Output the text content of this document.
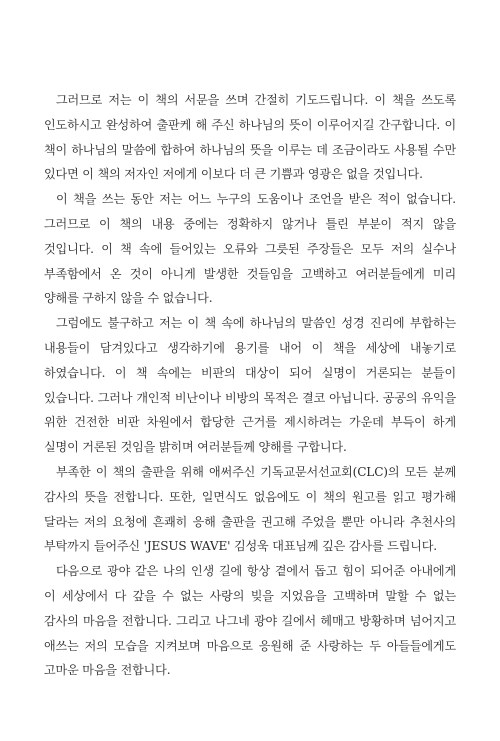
그러므로 저는 이 책의 서문을 쓰며 간절히 기도드립니다. 이 책을 쓰도록 인도하시고 완성하여 출판케 해 주신 하나님의 뜻이 이루어지길 간구합니다. 이 책이 하나님의 말씀에 합하여 하나님의 뜻을 이루는 데 조금이라도 사용될 수만 있다면 이 책의 저자인 저에게 이보다 더 큰 기쁨과 영광은 없을 것입니다.

이 책을 쓰는 동안 저는 어느 누구의 도움이나 조언을 받은 적이 없습니다. 그러므로 이 책의 내용 중에는 정확하지 않거나 틀린 부분이 적지 않을 것입니다. 이 책 속에 들어있는 오류와 그릇된 주장들은 모두 저의 실수나 부족함에서 온 것이 아니게 발생한 것들임을 고백하고 여러분들에게 미리 양해를 구하지 않을 수 없습니다.

그럼에도 불구하고 저는 이 책 속에 하나님의 말씀인 성경 진리에 부합하는 내용들이 담겨있다고 생각하기에 용기를 내어 이 책을 세상에 내놓기로 하였습니다. 이 책 속에는 비판의 대상이 되어 실명이 거론되는 분들이 있습니다. 그러나 개인적 비난이나 비방의 목적은 결코 아닙니다. 공공의 유익을 위한 건전한 비판 차원에서 합당한 근거를 제시하려는 가운데 부득이 하게 실명이 거론된 것임을 밝히며 여러분들께 양해를 구합니다.

부족한 이 책의 출판을 위해 애써주신 기독교문서선교회(CLC)의 모든 분께 감사의 뜻을 전합니다. 또한, 일면식도 없음에도 이 책의 원고를 읽고 평가해 달라는 저의 요청에 흔쾌히 응해 출판을 권고해 주었을 뿐만 아니라 추천사의 부탁까지 들어주신 'JESUS WAVE' 김성욱 대표님께 깊은 감사를 드립니다.

다음으로 광야 같은 나의 인생 길에 항상 곁에서 돕고 힘이 되어준 아내에게 이 세상에서 다 갚을 수 없는 사랑의 빚을 지었음을 고백하며 말할 수 없는 감사의 마음을 전합니다. 그리고 나그네 광야 길에서 헤매고 방황하며 넘어지고 애쓰는 저의 모습을 지켜보며 마음으로 응원해 준 사랑하는 두 아들들에게도 고마운 마음을 전합니다.
